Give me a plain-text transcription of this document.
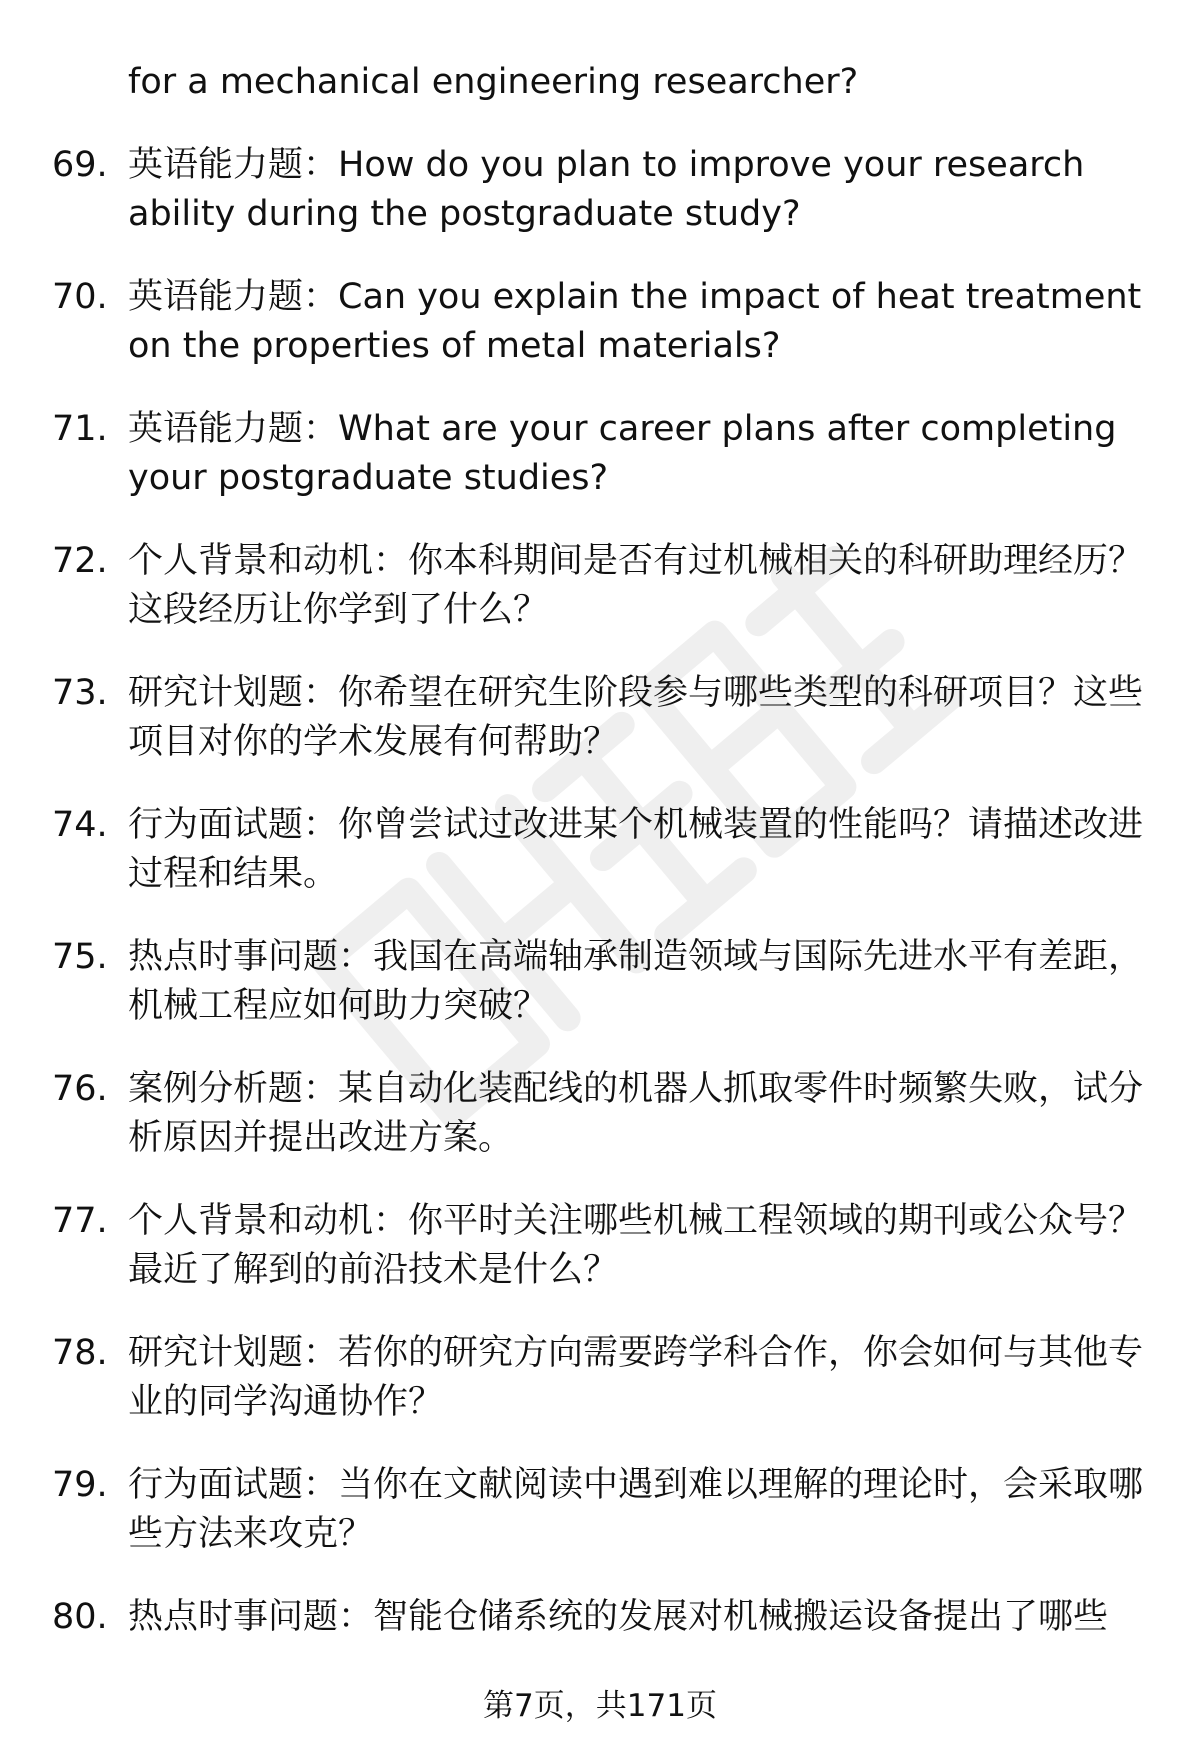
for a mechanical engineering researcher?
69. 英语能力题：How do you plan to improve your research ability during the postgraduate study?
70. 英语能力题：Can you explain the impact of heat treatment on the properties of metal materials?
71. 英语能力题：What are your career plans after completing your postgraduate studies?
72. 个人背景和动机：你本科期间是否有过机械相关的科研助理经历？这段经历让你学到了什么？
73. 研究计划题：你希望在研究生阶段参与哪些类型的科研项目？这些项目对你的学术发展有何帮助？
74. 行为面试题：你曾尝试过改进某个机械装置的性能吗？请描述改进过程和结果。
75. 热点时事问题：我国在高端轴承制造领域与国际先进水平有差距，机械工程应如何助力突破？
76. 案例分析题：某自动化装配线的机器人抓取零件时频繁失败，试分析原因并提出改进方案。
77. 个人背景和动机：你平时关注哪些机械工程领域的期刊或公众号？最近了解到的前沿技术是什么？
78. 研究计划题：若你的研究方向需要跨学科合作，你会如何与其他专业的同学沟通协作？
79. 行为面试题：当你在文献阅读中遇到难以理解的理论时，会采取哪些方法来攻克？
80. 热点时事问题：智能仓储系统的发展对机械搬运设备提出了哪些
第7页，共171页
